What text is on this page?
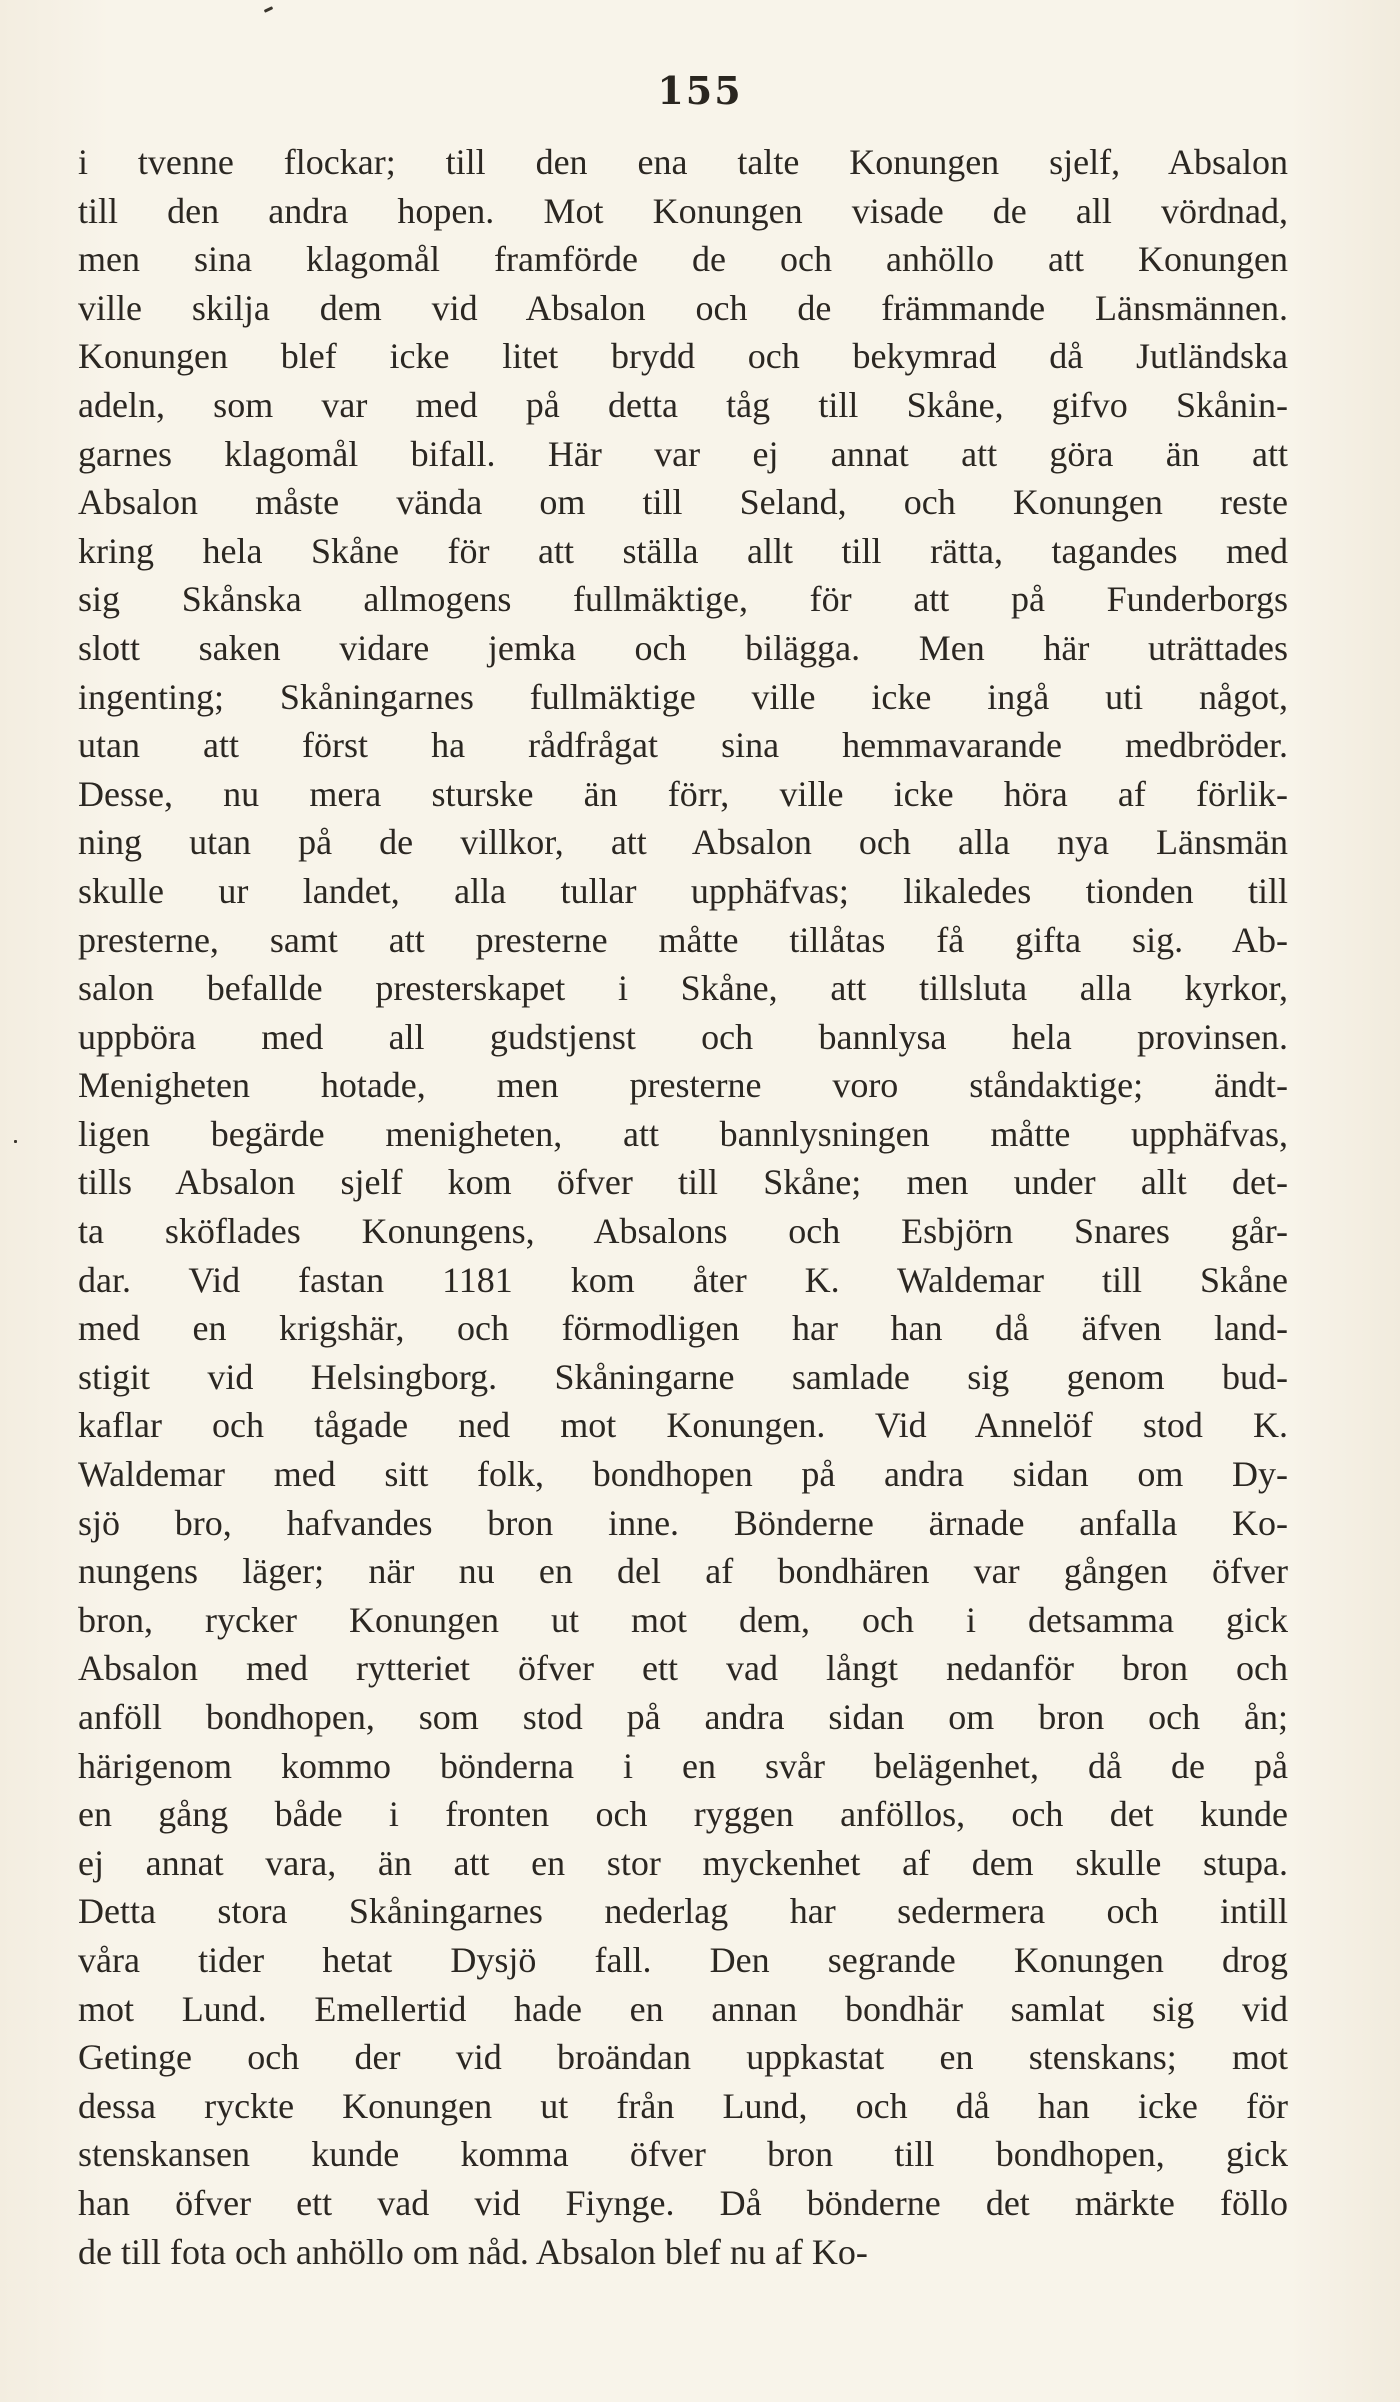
155
i tvenne flockar; till den ena talte Konungen sjelf, Absalon
till den andra hopen. Mot Konungen visade de all vördnad,
men sina klagomål framförde de och anhöllo att Konungen
ville skilja dem vid Absalon och de främmande Länsmännen.
Konungen blef icke litet brydd och bekymrad då Jutländska
adeln, som var med på detta tåg till Skåne, gifvo Skånin-
garnes klagomål bifall. Här var ej annat att göra än att
Absalon måste vända om till Seland, och Konungen reste
kring hela Skåne för att ställa allt till rätta, tagandes med
sig Skånska allmogens fullmäktige, för att på Funderborgs
slott saken vidare jemka och bilägga. Men här uträttades
ingenting; Skåningarnes fullmäktige ville icke ingå uti något,
utan att först ha rådfrågat sina hemmavarande medbröder.
Desse, nu mera sturske än förr, ville icke höra af förlik-
ning utan på de villkor, att Absalon och alla nya Länsmän
skulle ur landet, alla tullar upphäfvas; likaledes tionden till
presterne, samt att presterne måtte tillåtas få gifta sig. Ab-
salon befallde presterskapet i Skåne, att tillsluta alla kyrkor,
uppböra med all gudstjenst och bannlysa hela provinsen.
Menigheten hotade, men presterne voro ståndaktige; ändt-
ligen begärde menigheten, att bannlysningen måtte upphäfvas,
tills Absalon sjelf kom öfver till Skåne; men under allt det-
ta sköflades Konungens, Absalons och Esbjörn Snares går-
dar. Vid fastan 1181 kom åter K. Waldemar till Skåne
med en krigshär, och förmodligen har han då äfven land-
stigit vid Helsingborg. Skåningarne samlade sig genom bud-
kaflar och tågade ned mot Konungen. Vid Annelöf stod K.
Waldemar med sitt folk, bondhopen på andra sidan om Dy-
sjö bro, hafvandes bron inne. Bönderne ärnade anfalla Ko-
nungens läger; när nu en del af bondhären var gången öfver
bron, rycker Konungen ut mot dem, och i detsamma gick
Absalon med rytteriet öfver ett vad långt nedanför bron och
anföll bondhopen, som stod på andra sidan om bron och ån;
härigenom kommo bönderna i en svår belägenhet, då de på
en gång både i fronten och ryggen anföllos, och det kunde
ej annat vara, än att en stor myckenhet af dem skulle stupa.
Detta stora Skåningarnes nederlag har sedermera och intill
våra tider hetat Dysjö fall. Den segrande Konungen drog
mot Lund. Emellertid hade en annan bondhär samlat sig vid
Getinge och der vid broändan uppkastat en stenskans; mot
dessa ryckte Konungen ut från Lund, och då han icke för
stenskansen kunde komma öfver bron till bondhopen, gick
han öfver ett vad vid Fiynge. Då bönderne det märkte föllo
de till fota och anhöllo om nåd. Absalon blef nu af Ko-
